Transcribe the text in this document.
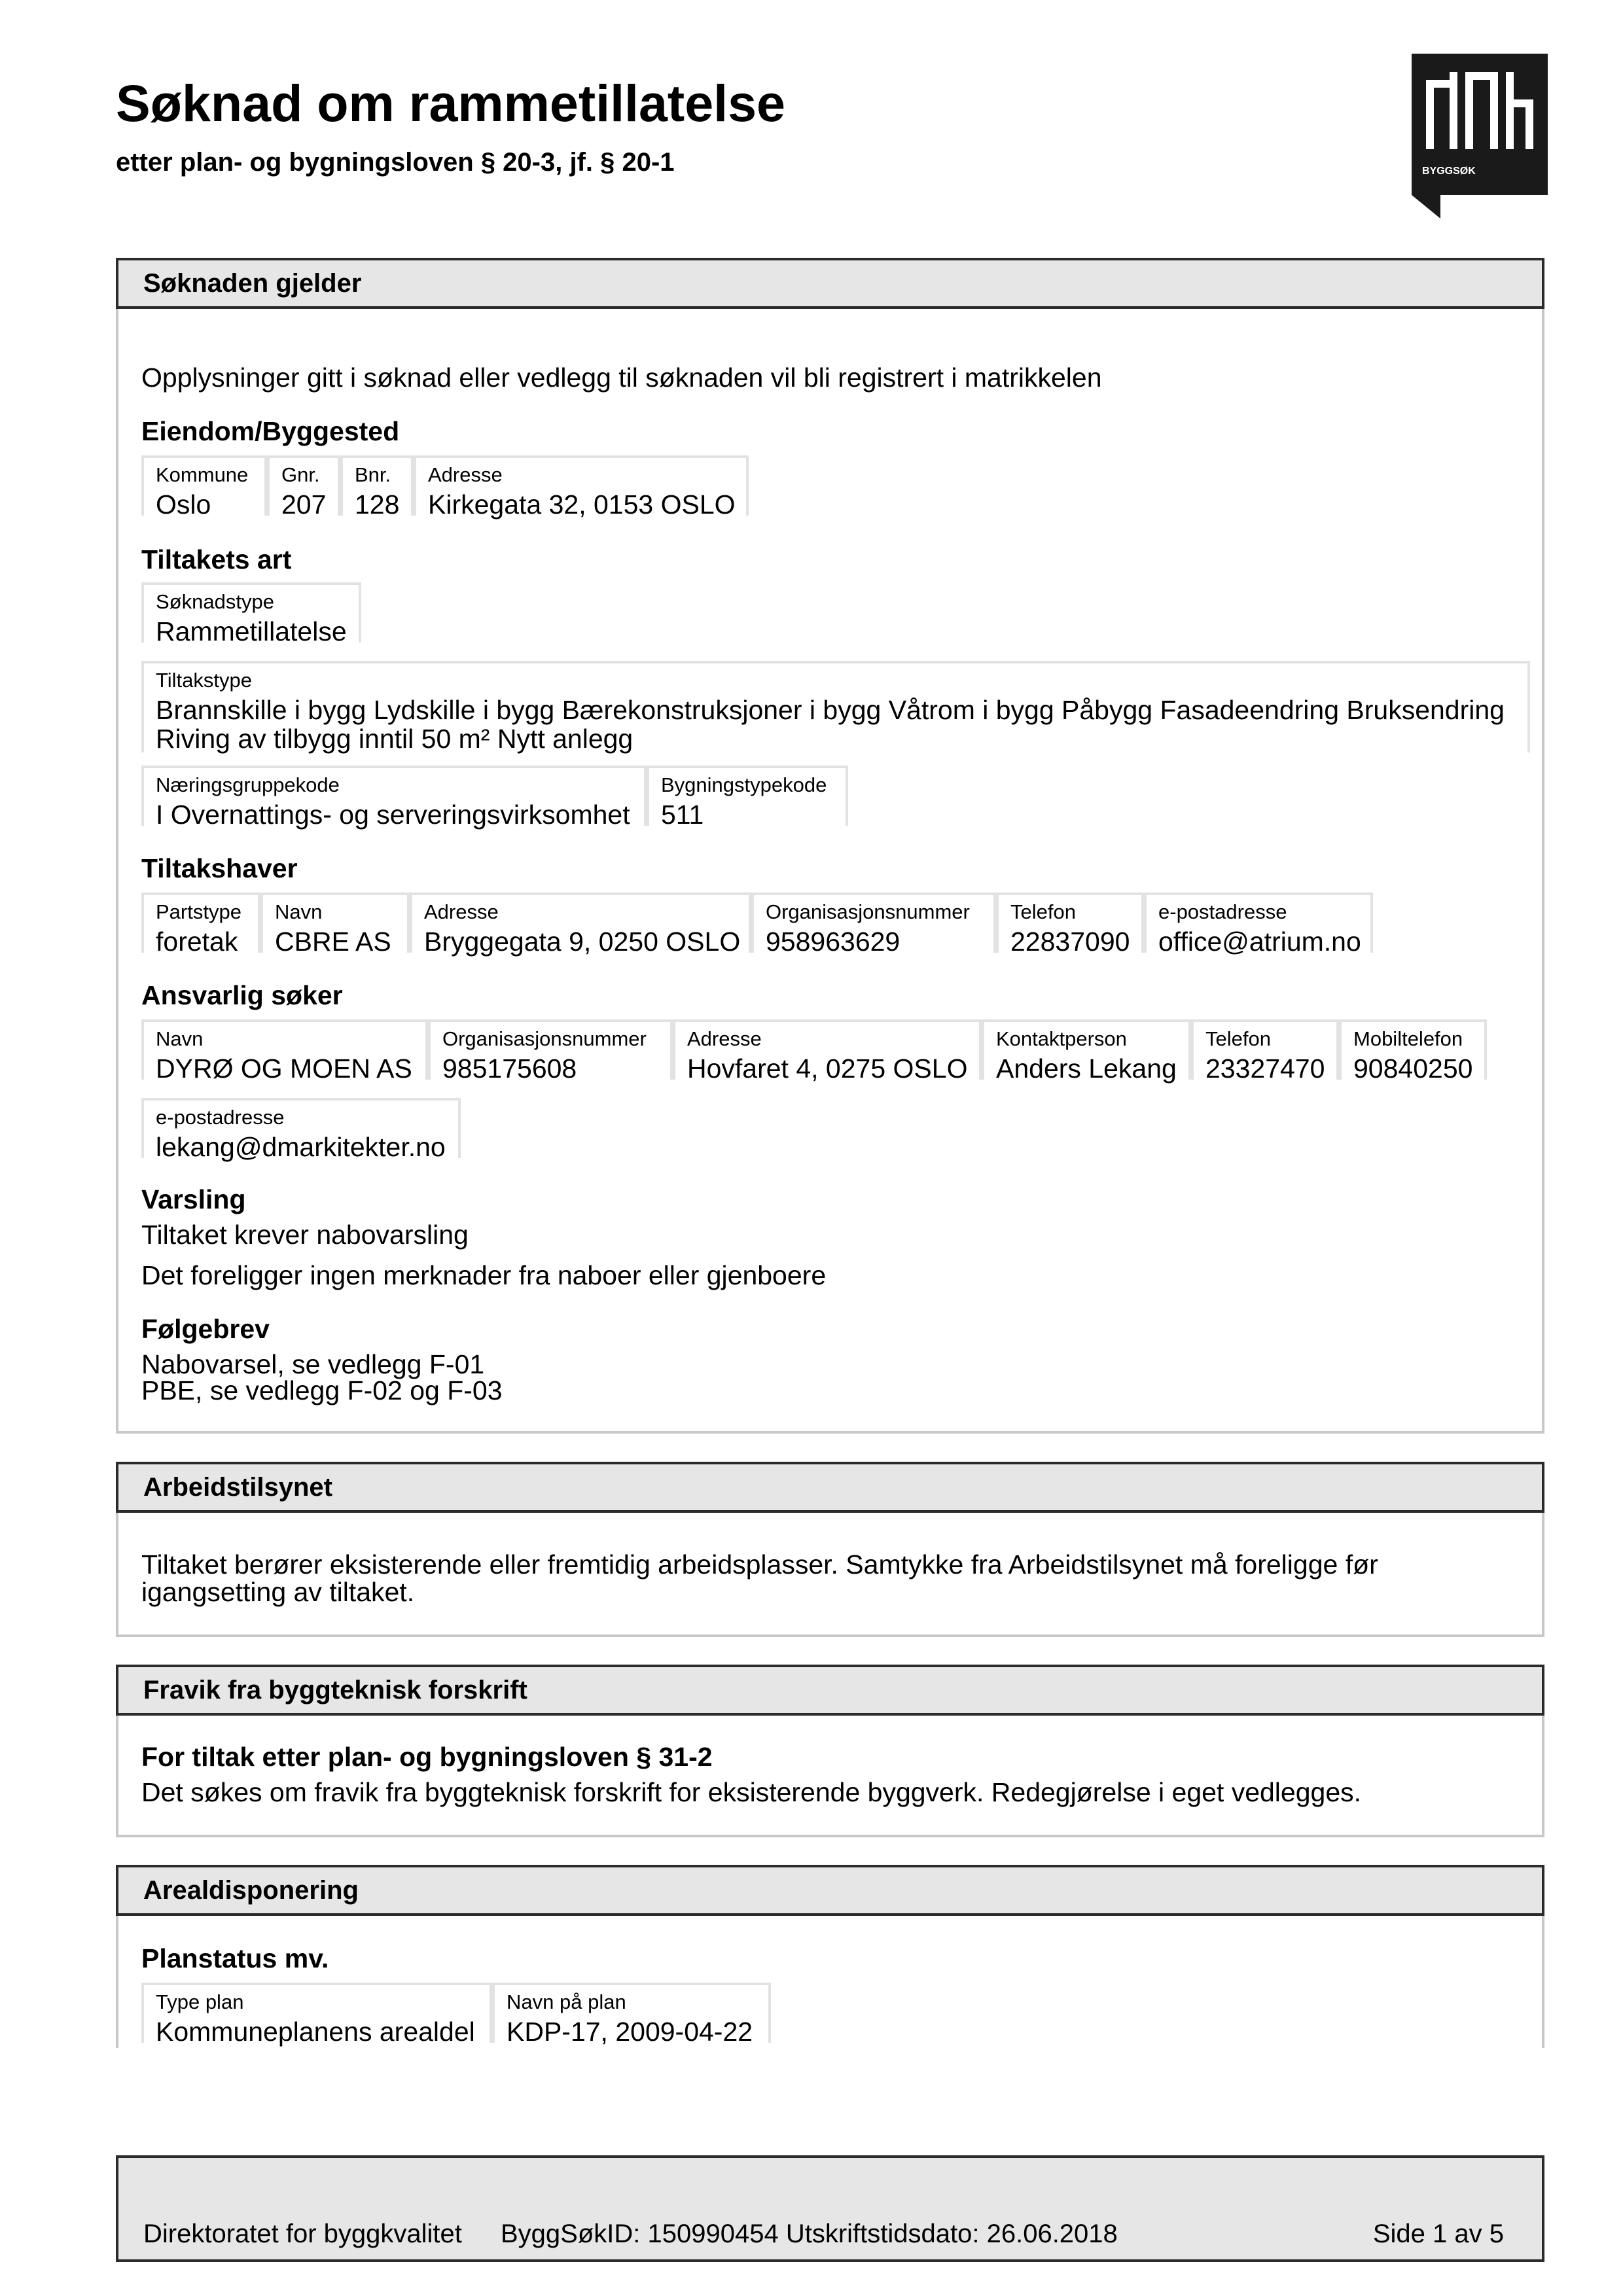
Søknad om rammetillatelse
etter plan- og bygningsloven § 20-3, jf. § 20-1	BYGGSØK
Søknaden gjelder
Opplysninger gitt i søknad eller vedlegg til søknaden vil bli registrert i matrikkelen
Eiendom/Byggested
Kommune
Oslo
Gnr.
207
Bnr.
128
Adresse
Kirkegata 32, 0153 OSLO
Tiltakets art
Søknadstype
Rammetillatelse
Tiltakstype
Brannskille i bygg Lydskille i bygg Bærekonstruksjoner i bygg Våtrom i bygg Påbygg Fasadeendring Bruksendring
Riving av tilbygg inntil 50 m² Nytt anlegg
Næringsgruppekode
I Overnattings- og serveringsvirksomhet
Bygningstypekode
511
Tiltakshaver
Partstype
foretak
Navn
CBRE AS
Adresse
Bryggegata 9, 0250 OSLO
Organisasjonsnummer
958963629
Telefon
22837090
e-postadresse
office@atrium.no
Ansvarlig søker
Navn
DYRØ OG MOEN AS
Organisasjonsnummer
985175608
Adresse
Hovfaret 4, 0275 OSLO
Kontaktperson
Anders Lekang
Telefon
23327470
Mobiltelefon
90840250
e-postadresse
lekang@dmarkitekter.no
Varsling
Tiltaket krever nabovarsling
Det foreligger ingen merknader fra naboer eller gjenboere
Følgebrev
Nabovarsel, se vedlegg F-01
PBE, se vedlegg F-02 og F-03
Arbeidstilsynet
Tiltaket berører eksisterende eller fremtidig arbeidsplasser. Samtykke fra Arbeidstilsynet må foreligge før
igangsetting av tiltaket.
Fravik fra byggteknisk forskrift
For tiltak etter plan- og bygningsloven § 31-2
Det søkes om fravik fra byggteknisk forskrift for eksisterende byggverk. Redegjørelse i eget vedlegges.
Arealdisponering
Planstatus mv.
Type plan
Kommuneplanens arealdel
Navn på plan
KDP-17, 2009-04-22
Direktoratet for byggkvalitet ByggSøkID: 150990454 Utskriftstidsdato: 26.06.2018	Side 1 av 5
